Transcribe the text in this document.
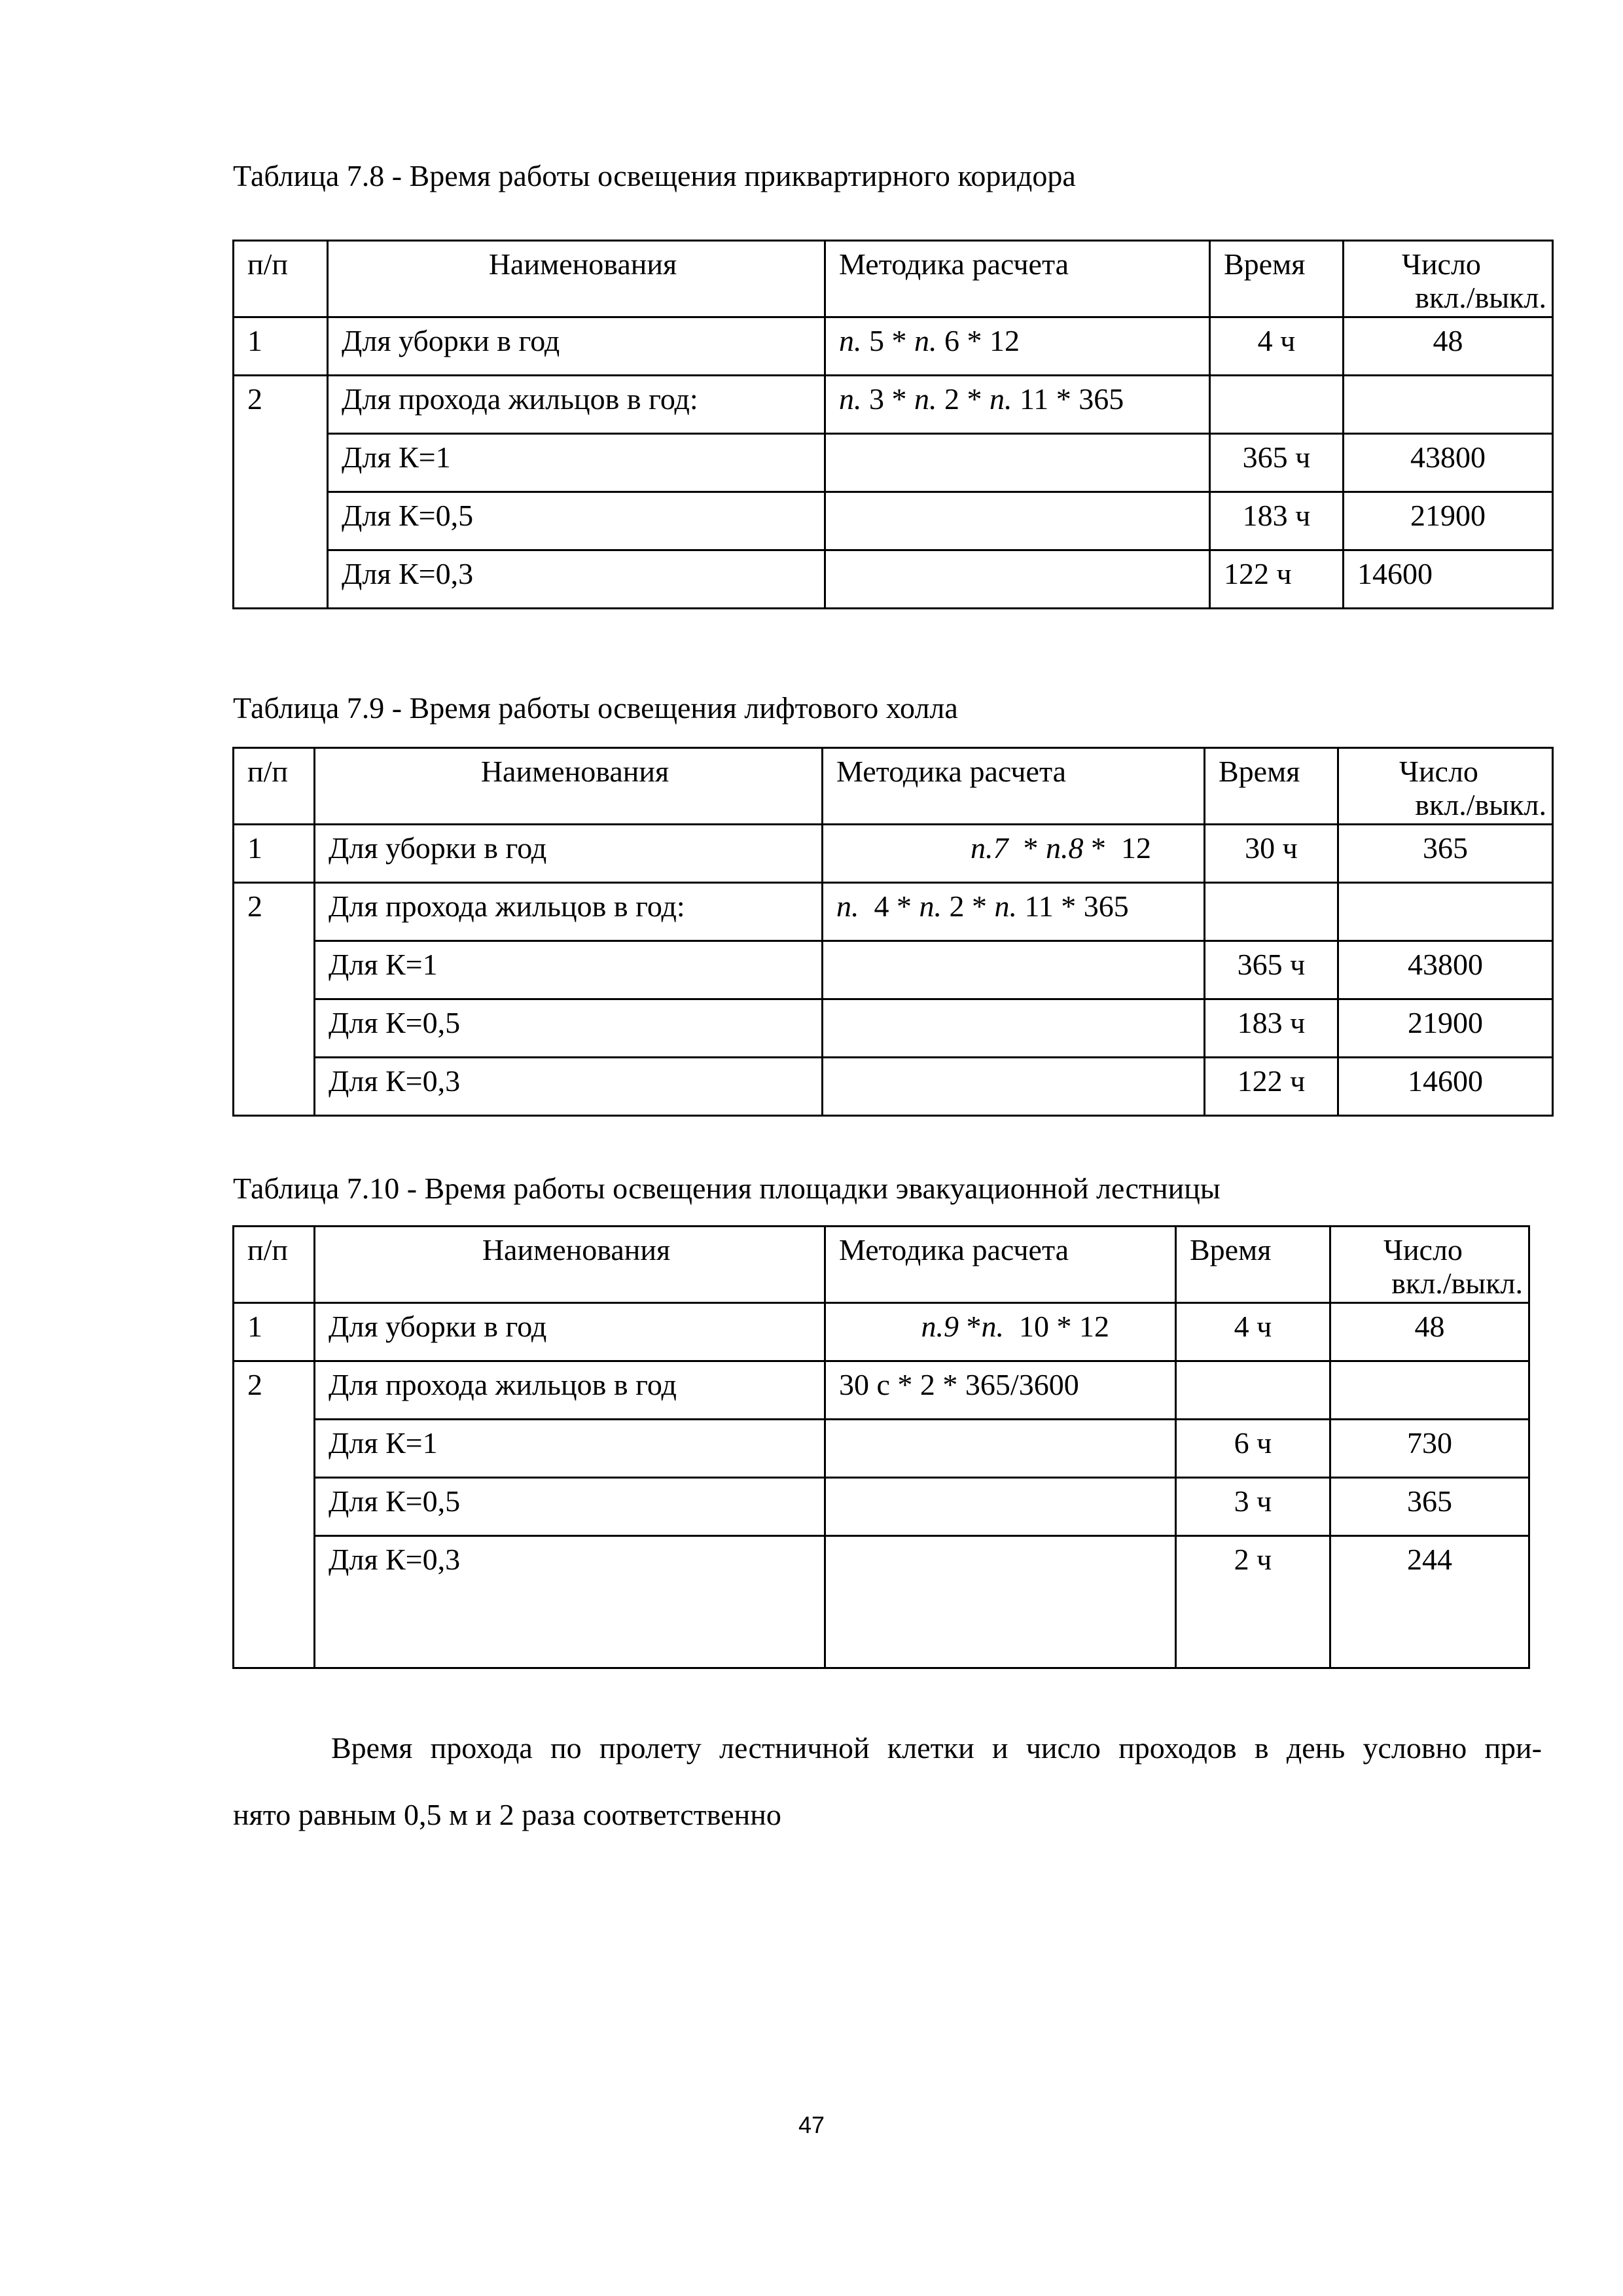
Таблица 7.8 - Время работы освещения приквартирного коридора
п/п	Наименования	Методика расчета	Время	Число
вкл./выкл.

1	Для уборки в год	п. 5 * п. 6 * 12	4 ч	48
2	Для прохода жильцов в год:	п. 3 * п. 2 * п. 11 * 365		
	Для К=1		365 ч	43800
	Для К=0,5		183 ч	21900
	Для К=0,3		122 ч	14600
Таблица 7.9 - Время работы освещения лифтового холла
п/п	Наименования	Методика расчета	Время	Число
вкл./выкл.

1	Для уборки в год	п.7  * п.8 *  12	30 ч	365
2	Для прохода жильцов в год:	п.  4 * п. 2 * п. 11 * 365		
	Для К=1		365 ч	43800
	Для К=0,5		183 ч	21900
	Для К=0,3		122 ч	14600
Таблица 7.10 - Время работы освещения площадки эвакуационной лестницы
п/п	Наименования	Методика расчета	Время	Число
вкл./выкл.

1	Для уборки в год	п.9 *п.  10 * 12	4 ч	48
2	Для прохода жильцов в год	30 с * 2 * 365/3600		
	Для К=1		6 ч	730
	Для К=0,5		3 ч	365
	Для К=0,3		2 ч	244
Время прохода по пролету лестничной клетки и число проходов в день условно при-
нято равным 0,5 м и 2 раза соответственно
47
